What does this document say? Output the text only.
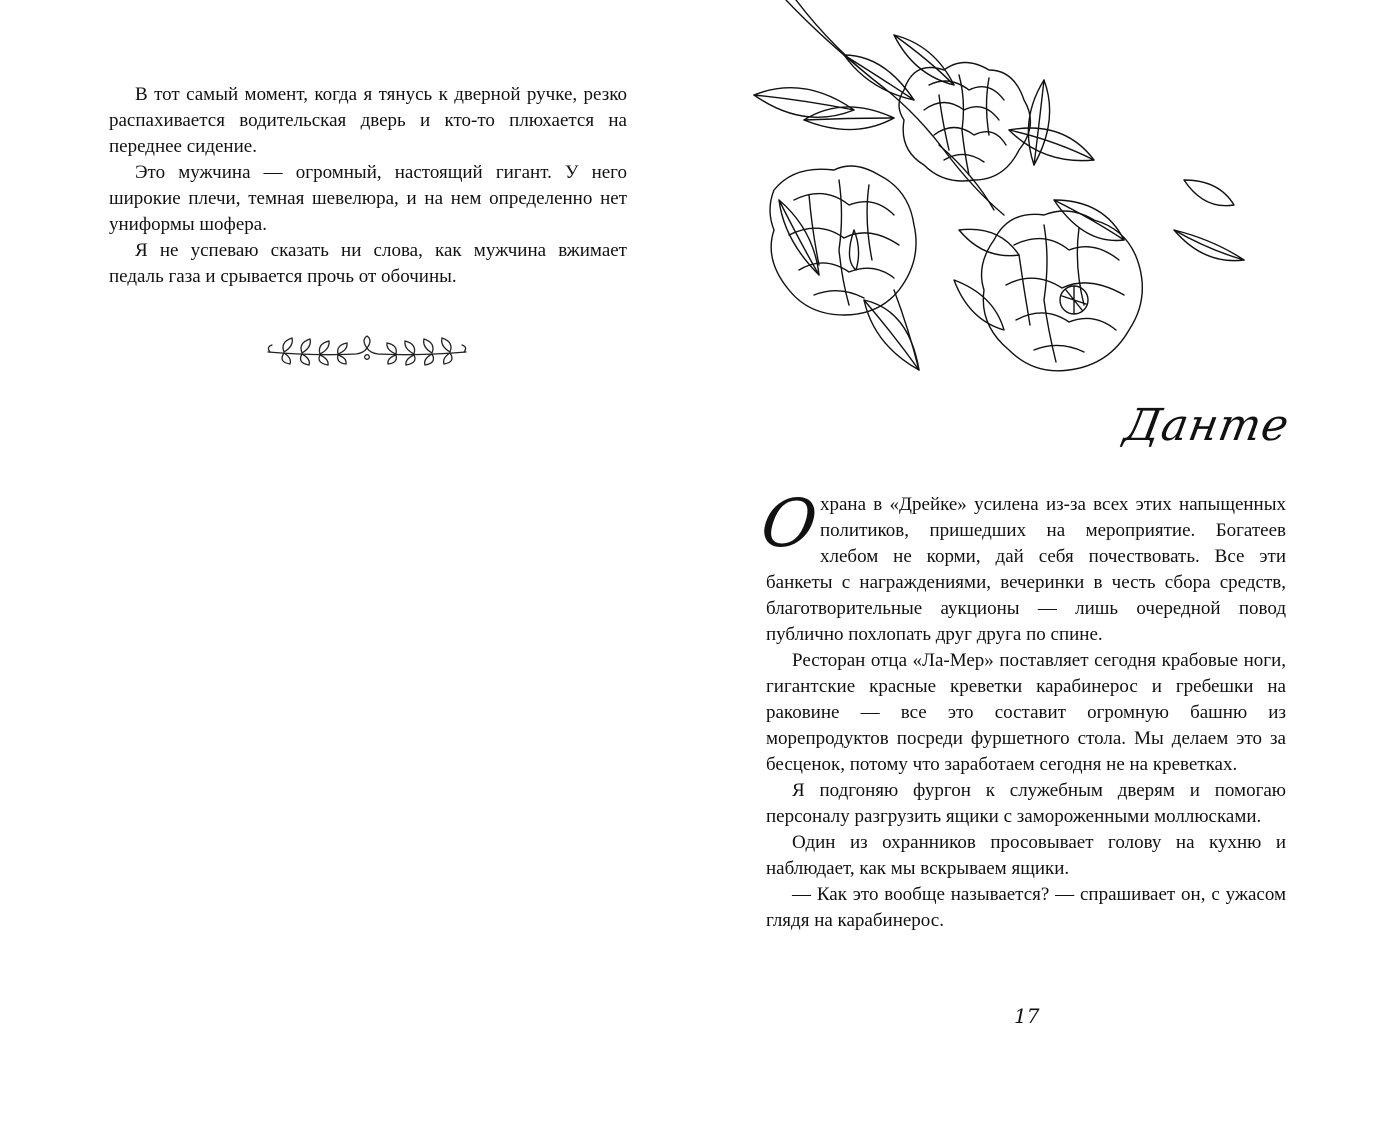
В тот самый момент, когда я тянусь к дверной ручке, резко распахивается водительская дверь и кто-то плюхается на переднее сидение.

Это мужчина — огромный, настоящий гигант. У него широкие плечи, темная шевелюра, и на нем определенно нет униформы шофера.

Я не успеваю сказать ни слова, как мужчина вжимает педаль газа и срывается прочь от обочины.

Данте

О
храна в «Дрейке» усилена из-за всех этих напыщенных политиков, пришедших на мероприятие. Богатеев хлебом не корми, дай себя почествовать. Все эти банкеты с награждениями, вечеринки в честь сбора средств, благотворительные аукционы — лишь очередной повод публично похлопать друг друга по спине.

Ресторан отца «Ла-Мер» поставляет сегодня крабовые ноги, гигантские красные креветки карабинерос и гребешки на раковине — все это составит огромную башню из морепродуктов посреди фуршетного стола. Мы делаем это за бесценок, потому что заработаем сегодня не на креветках.

Я подгоняю фургон к служебным дверям и помогаю персоналу разгрузить ящики с замороженными моллюсками.

Один из охранников просовывает голову на кухню и наблюдает, как мы вскрываем ящики.

— Как это вообще называется? — спрашивает он, с ужасом глядя на карабинерос.

17
